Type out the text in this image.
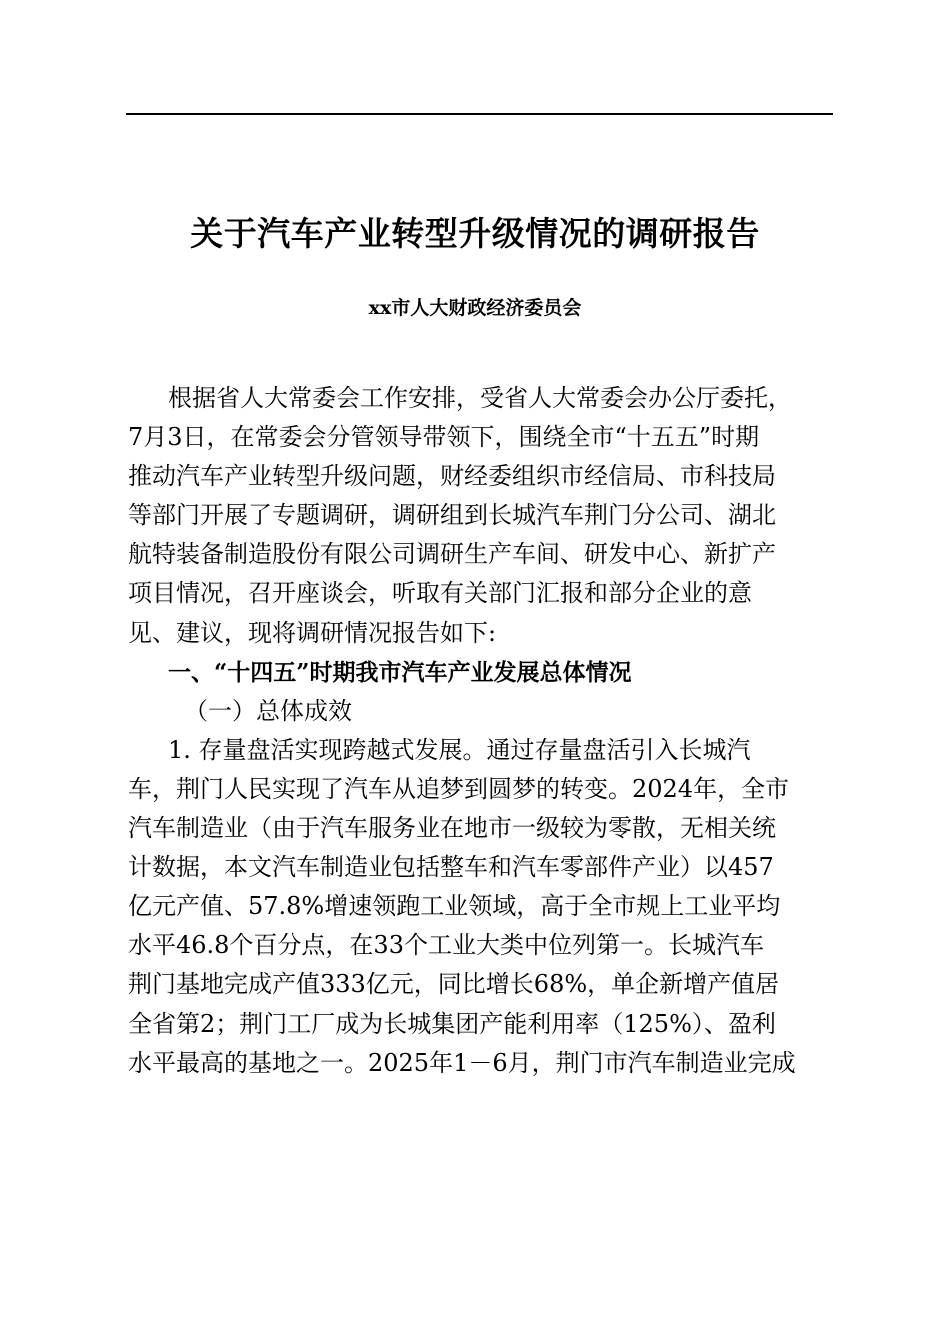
关于汽车产业转型升级情况的调研报告
xx市人大财政经济委员会
根据省人大常委会工作安排，受省人大常委会办公厅委托，
7月3日，在常委会分管领导带领下，围绕全市“十五五”时期
推动汽车产业转型升级问题，财经委组织市经信局、市科技局
等部门开展了专题调研，调研组到长城汽车荆门分公司、湖北
航特装备制造股份有限公司调研生产车间、研发中心、新扩产
项目情况，召开座谈会，听取有关部门汇报和部分企业的意
见、建议，现将调研情况报告如下:
一、“十四五”时期我市汽车产业发展总体情况
（一）总体成效
1. 存量盘活实现跨越式发展。通过存量盘活引入长城汽
车，荆门人民实现了汽车从追梦到圆梦的转变。2024年，全市
汽车制造业（由于汽车服务业在地市一级较为零散，无相关统
计数据，本文汽车制造业包括整车和汽车零部件产业）以457
亿元产值、57.8%增速领跑工业领域，高于全市规上工业平均
水平46.8个百分点，在33个工业大类中位列第一。长城汽车
荆门基地完成产值333亿元，同比增长68%，单企新增产值居
全省第2；荆门工厂成为长城集团产能利用率（125%）、盈利
水平最高的基地之一。2025年1－6月，荆门市汽车制造业完成
